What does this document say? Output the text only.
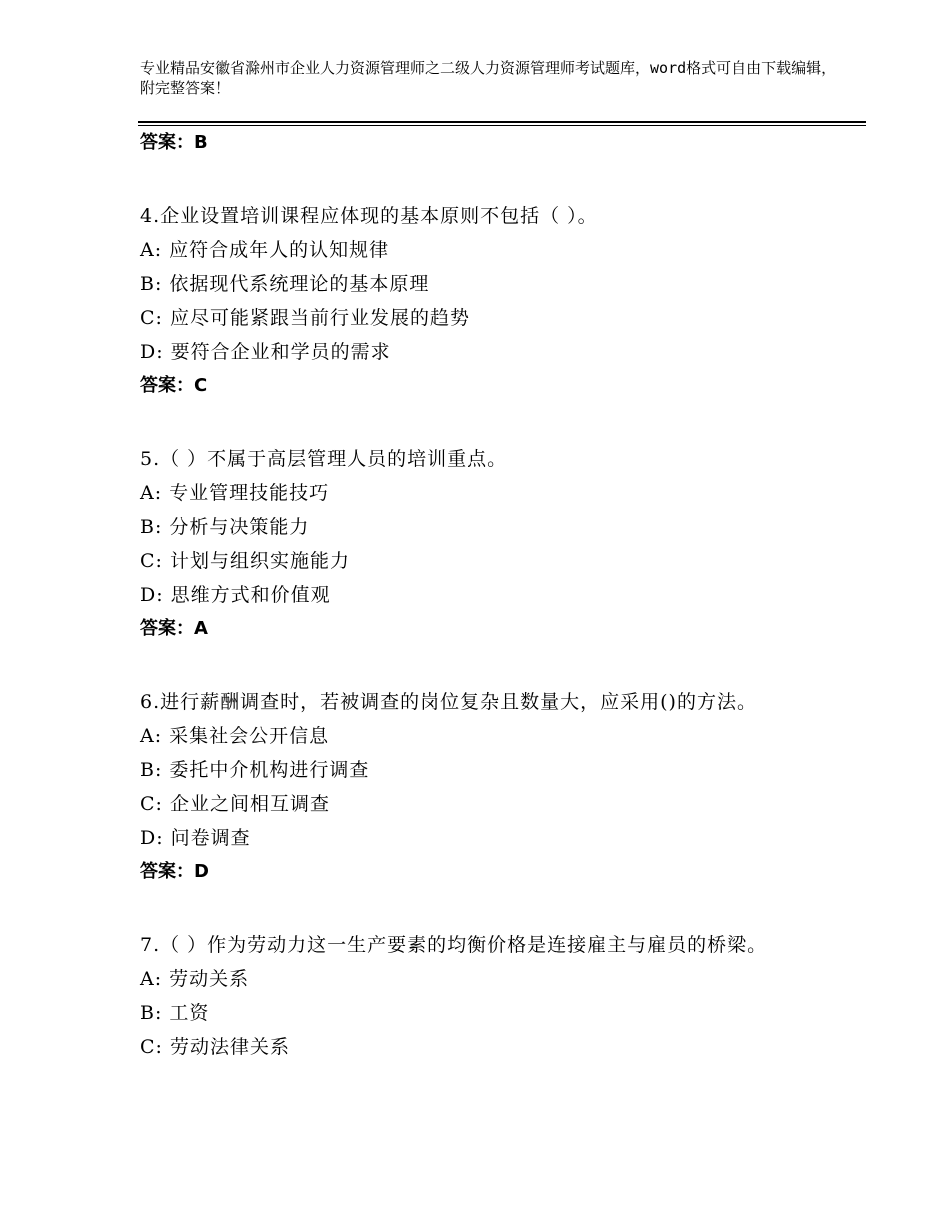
专业精品安徽省滁州市企业人力资源管理师之二级人力资源管理师考试题库，word格式可自由下载编辑，附完整答案！
答案：B
4.企业设置培训课程应体现的基本原则不包括（ ）。
A: 应符合成年人的认知规律
B: 依据现代系统理论的基本原理
C: 应尽可能紧跟当前行业发展的趋势
D: 要符合企业和学员的需求
答案：C
5.（ ）不属于高层管理人员的培训重点。
A: 专业管理技能技巧
B: 分析与决策能力
C: 计划与组织实施能力
D: 思维方式和价值观
答案：A
6.进行薪酬调查时，若被调查的岗位复杂且数量大，应采用()的方法。
A: 采集社会公开信息
B: 委托中介机构进行调查
C: 企业之间相互调查
D: 问卷调查
答案：D
7.（ ）作为劳动力这一生产要素的均衡价格是连接雇主与雇员的桥梁。
A: 劳动关系
B: 工资
C: 劳动法律关系
